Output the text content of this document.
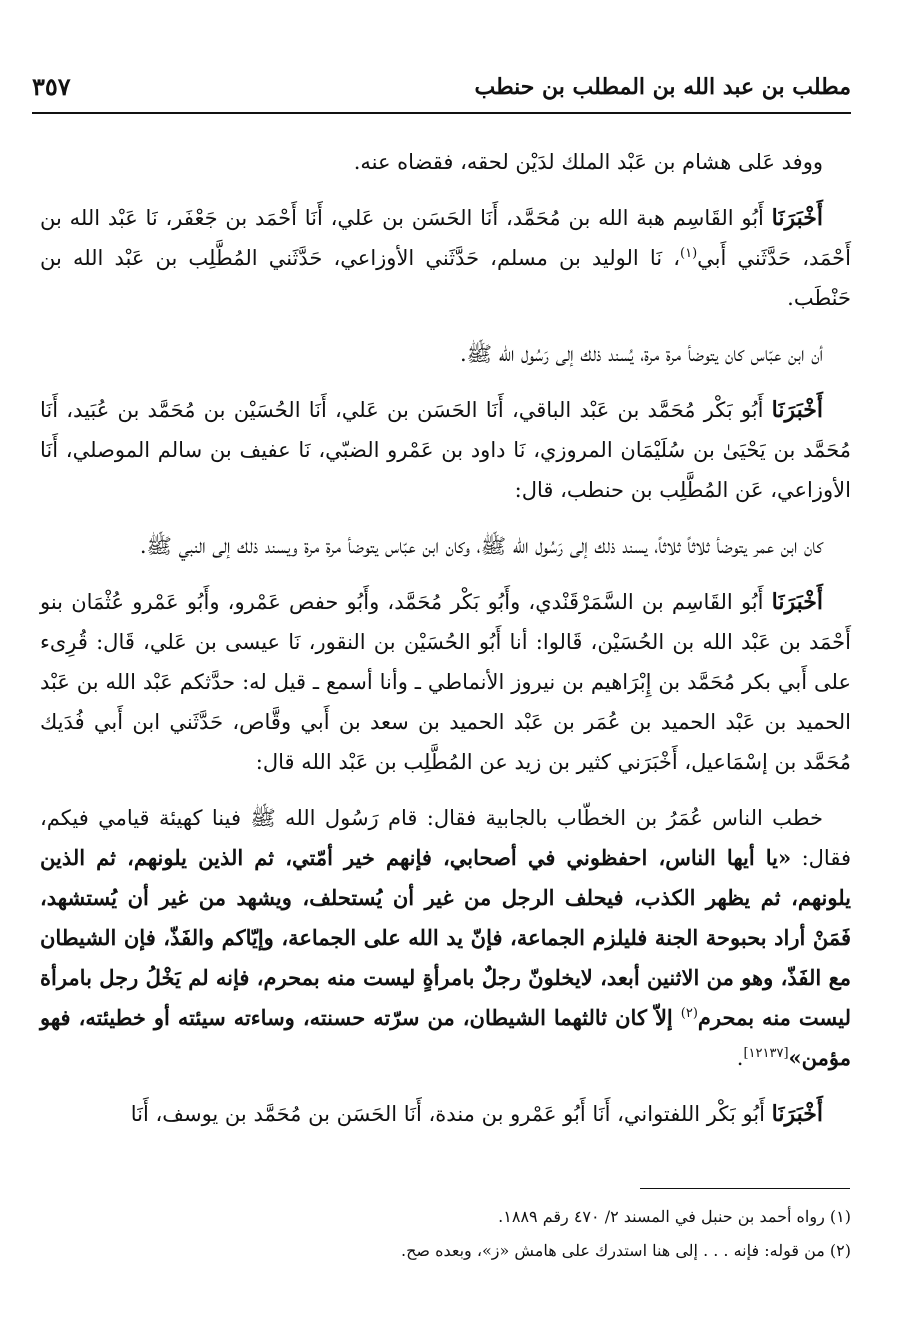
مطلب بن عبد الله بن المطلب بن حنطب
٣٥٧

ووفد عَلى هشام بن عَبْد الملك لدَيْن لحقه، فقضاه عنه.

أَخْبَرَنَا أَبُو القَاسِم هبة الله بن مُحَمَّد، أَنَا الحَسَن بن عَلي، أَنَا أَحْمَد بن جَعْفَر، نَا عَبْد الله بن أَحْمَد، حَدَّثَني أَبي$^{(١)}$، نَا الوليد بن مسلم، حَدَّثَني الأوزاعي، حَدَّثَني المُطَّلِب بن عَبْد الله بن حَنْطَب.

أن ابن عبّاس كان يتوضأ مرة مرة، يُسند ذلك إلى رَسُول الله ﷺ.

أَخْبَرَنَا أَبُو بَكْر مُحَمَّد بن عَبْد الباقي، أَنَا الحَسَن بن عَلي، أَنَا الحُسَيْن بن مُحَمَّد بن عُبَيد، أَنَا مُحَمَّد بن يَحْيَىٰ بن سُلَيْمَان المروزي، نَا داود بن عَمْرو الضبّي، نَا عفيف بن سالم الموصلي، أَنَا الأوزاعي، عَن المُطَّلِب بن حنطب، قال:

كان ابن عمر يتوضأ ثلاثاً ثلاثاً، يسند ذلك إلى رَسُول الله ﷺ، وكان ابن عبّاس يتوضأ مرة مرة ويسند ذلك إلى النبي ﷺ.

أَخْبَرَنَا أَبُو القَاسِم بن السَّمَرْقَنْدي، وأَبُو بَكْر مُحَمَّد، وأَبُو حفص عَمْرو، وأَبُو عَمْرو عُثْمَان بنو أَحْمَد بن عَبْد الله بن الحُسَيْن، قَالوا: أنا أَبُو الحُسَيْن بن النقور، نَا عيسى بن عَلي، قَال: قُرِىء على أَبي بكر مُحَمَّد بن إِبْرَاهيم بن نيروز الأنماطي ـ وأنا أسمع ـ قيل له: حدَّثكم عَبْد الله بن عَبْد الحميد بن عَبْد الحميد بن عُمَر بن عَبْد الحميد بن سعد بن أَبي وقَّاص، حَدَّثَني ابن أَبي فُدَيك مُحَمَّد بن إسْمَاعيل، أَخْبَرَني كثير بن زيد عن المُطَّلِب بن عَبْد الله قال:

خطب الناس عُمَرُ بن الخطّاب بالجابية فقال: قام رَسُول الله ﷺ فينا كهيئة قيامي فيكم، فقال: «يا أيها الناس، احفظوني في أصحابي، فإنهم خير أمّتي، ثم الذين يلونهم، ثم الذين يلونهم، ثم يظهر الكذب، فيحلف الرجل من غير أن يُستحلف، ويشهد من غير أن يُستشهد، فَمَنْ أراد بحبوحة الجنة فليلزم الجماعة، فإنّ يد الله على الجماعة، وإيّاكم والفَذّ، فإن الشيطان مع الفَذّ، وهو من الاثنين أبعد، لايخلونّ رجلٌ بامرأةٍ ليست منه بمحرم، فإنه لم يَخْلُ رجل بامرأة ليست منه بمحرم$^{(٢)}$ إلاّ كان ثالثهما الشيطان، من سرّته حسنته، وساءته سيئته أو خطيئته، فهو مؤمن»[١٢١٣٧].

أَخْبَرَنَا أَبُو بَكْر اللفتواني، أَنَا أَبُو عَمْرو بن مندة، أَنَا الحَسَن بن مُحَمَّد بن يوسف، أَنَا

(١) رواه أحمد بن حنبل في المسند ٢/ ٤٧٠ رقم ١٨٨٩.

(٢) من قوله: فإنه . . . إلى هنا استدرك على هامش «ز»، وبعده صح.
